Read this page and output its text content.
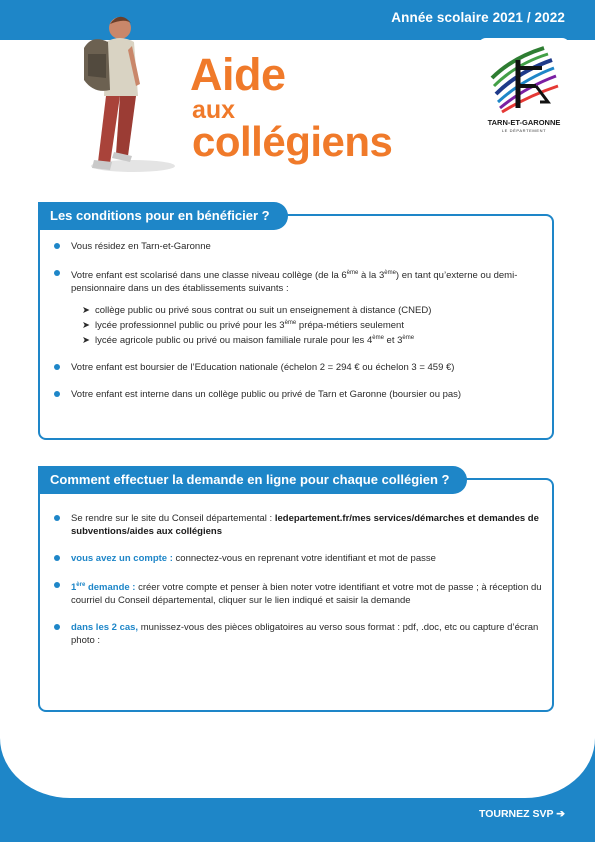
Année scolaire 2021 / 2022
Aide
aux
collégiens	TARN-ET-GARONNE
LE DÉPARTEMENT
Les conditions pour en bénéficier ?
Vous résidez en Tarn-et-Garonne
Votre enfant est scolarisé dans une classe niveau collège (de la 6ème à la 3ème) en tant qu’externe ou demi-pensionnaire dans un des établissements suivants :
➤ collège public ou privé sous contrat ou suit un enseignement à distance (CNED)
➤ lycée professionnel public ou privé pour les 3ème prépa-métiers seulement
➤ lycée agricole public ou privé ou maison familiale rurale pour les 4ème et 3ème
Votre enfant est boursier de l’Education nationale (échelon 2 = 294 € ou échelon 3 = 459 €)
Votre enfant est interne dans un collège public ou privé de Tarn et Garonne (boursier ou pas)
Comment effectuer la demande en ligne pour chaque collégien ?
Se rendre sur le site du Conseil départemental : ledepartement.fr/mes services/démarches et demandes de subventions/aides aux collégiens
vous avez un compte : connectez-vous en reprenant votre identifiant et mot de passe
1ère demande : créer votre compte et penser à bien noter votre identifiant et votre mot de passe ; à réception du courriel du Conseil départemental, cliquer sur le lien indiqué et saisir la demande
dans les 2 cas, munissez-vous des pièces obligatoires au verso sous format : pdf, .doc, etc ou capture d’écran photo :
TOURNEZ SVP ➔
